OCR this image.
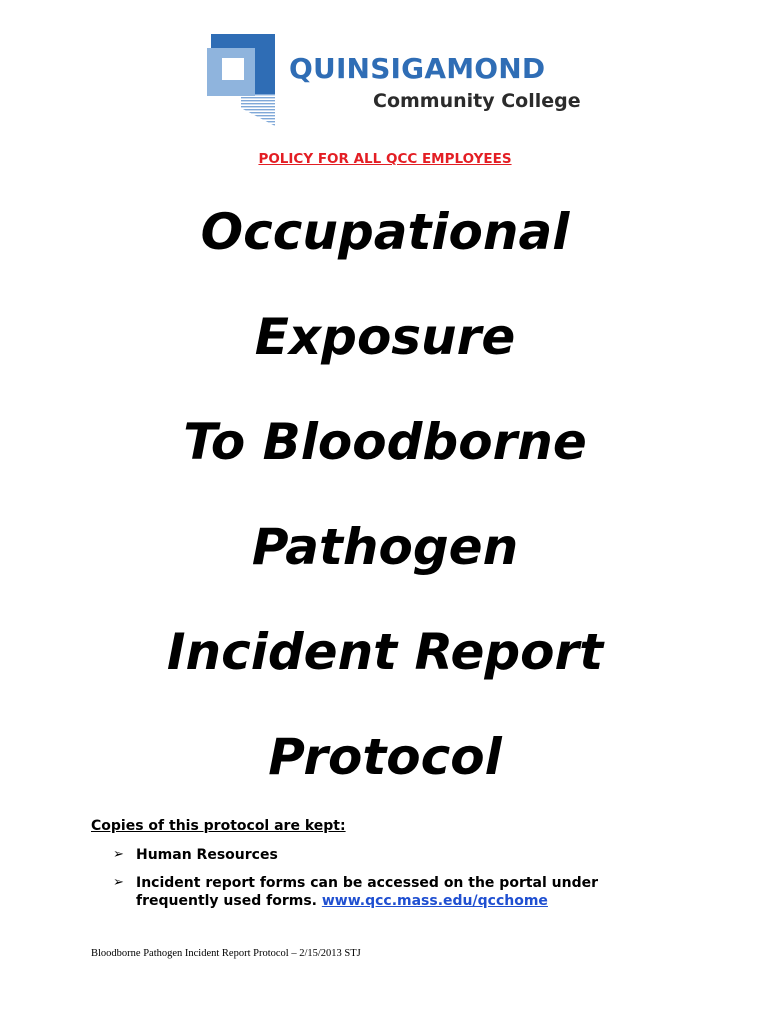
QUINSIGAMOND
Community College
POLICY FOR ALL QCC EMPLOYEES
Occupational
Exposure
To Bloodborne
Pathogen
Incident Report
Protocol
Copies of this protocol are kept:
➢ Human Resources
➢ Incident report forms can be accessed on the portal under frequently used forms. www.qcc.mass.edu/qcchome
Bloodborne Pathogen Incident Report Protocol – 2/15/2013 STJ
